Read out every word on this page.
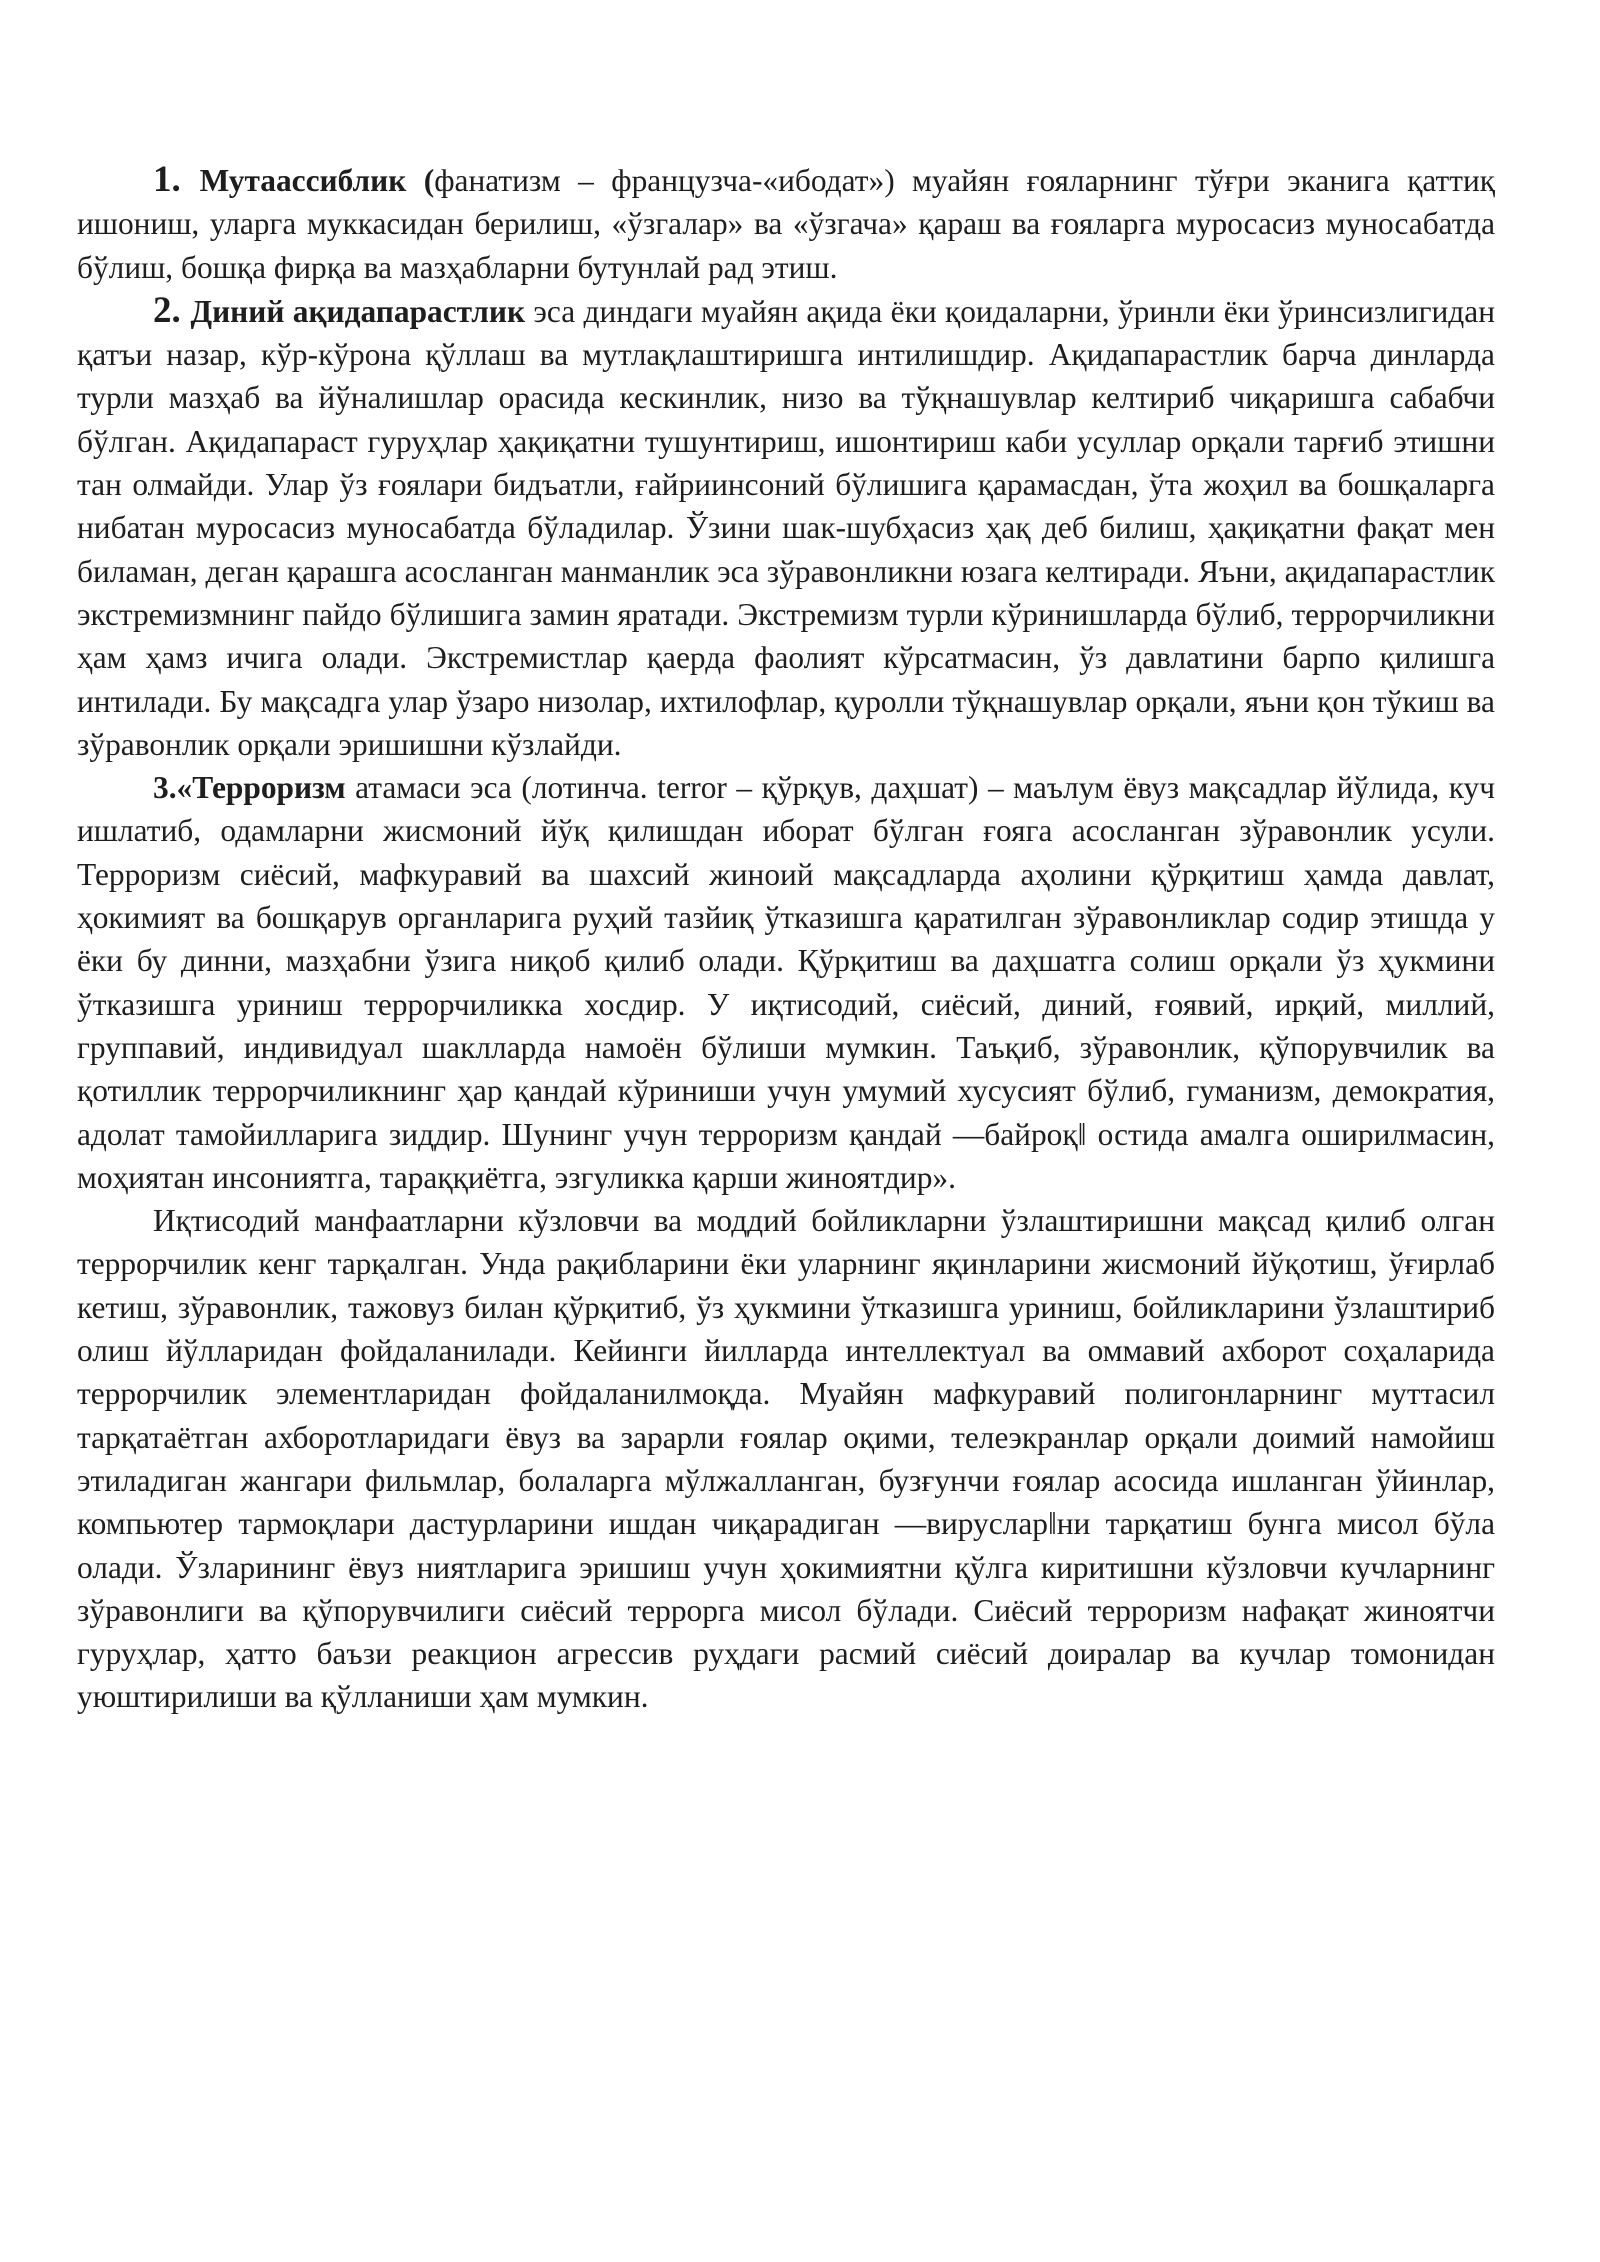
1. Мутаассиблик (фанатизм – французча-«ибодат») муайян ғояларнинг тўғри эканига қаттиқ ишониш, уларга муккасидан берилиш, «ўзгалар» ва «ўзгача» қараш ва ғояларга муросасиз муносабатда бўлиш, бошқа фирқа ва мазҳабларни бутунлай рад этиш.

2. Диний ақидапарастлик эса диндаги муайян ақида ёки қоидаларни, ўринли ёки ўринсизлигидан қатъи назар, кўр-кўрона қўллаш ва мутлақлаштиришга интилишдир. Ақидапарастлик барча динларда турли мазҳаб ва йўналишлар орасида кескинлик, низо ва тўқнашувлар келтириб чиқаришга сабабчи бўлган. Ақидапараст гуруҳлар ҳақиқатни тушунтириш, ишонтириш каби усуллар орқали тарғиб этишни тан олмайди. Улар ўз ғоялари бидъатли, ғайриинсоний бўлишига қарамасдан, ўта жоҳил ва бошқаларга нибатан муросасиз муносабатда бўладилар. Ўзини шак-шубҳасиз ҳақ деб билиш, ҳақиқатни фақат мен биламан, деган қарашга асосланган манманлик эса зўравонликни юзага келтиради. Яъни, ақидапарастлик экстремизмнинг пайдо бўлишига замин яратади. Экстремизм турли кўринишларда бўлиб, террорчиликни ҳам ҳамз ичига олади. Экстремистлар қаерда фаолият кўрсатмасин, ўз давлатини барпо қилишга интилади. Бу мақсадга улар ўзаро низолар, ихтилофлар, қуролли тўқнашувлар орқали, яъни қон тўкиш ва зўравонлик орқали эришишни кўзлайди.

3.«Терроризм атамаси эса (лотинча. terror – қўрқув, даҳшат) – маълум ёвуз мақсадлар йўлида, куч ишлатиб, одамларни жисмоний йўқ қилишдан иборат бўлган ғояга асосланган зўравонлик усули. Терроризм сиёсий, мафкуравий ва шахсий жиноий мақсадларда аҳолини қўрқитиш ҳамда давлат, ҳокимият ва бошқарув органларига руҳий тазйиқ ўтказишга қаратилган зўравонликлар содир этишда у ёки бу динни, мазҳабни ўзига ниқоб қилиб олади. Қўрқитиш ва даҳшатга солиш орқали ўз ҳукмини ўтказишга уриниш террорчиликка хосдир. У иқтисодий, сиёсий, диний, ғоявий, ирқий, миллий, группавий, индивидуал шаклларда намоён бўлиши мумкин. Таъқиб, зўравонлик, қўпорувчилик ва қотиллик террорчиликнинг ҳар қандай кўриниши учун умумий хусусият бўлиб, гуманизм, демократия, адолат тамойилларига зиддир. Шунинг учун терроризм қандай ―байроқ‖ остида амалга оширилмасин, моҳиятан инсониятга, тараққиётга, эзгуликка қарши жиноятдир».

Иқтисодий манфаатларни кўзловчи ва моддий бойликларни ўзлаштиришни мақсад қилиб олган террорчилик кенг тарқалган. Унда рақибларини ёки уларнинг яқинларини жисмоний йўқотиш, ўғирлаб кетиш, зўравонлик, тажовуз билан қўрқитиб, ўз ҳукмини ўтказишга уриниш, бойликларини ўзлаштириб олиш йўлларидан фойдаланилади. Кейинги йилларда интеллектуал ва оммавий ахборот соҳаларида террорчилик элементларидан фойдаланилмоқда. Муайян мафкуравий полигонларнинг муттасил тарқатаётган ахборотларидаги ёвуз ва зарарли ғоялар оқими, телеэкранлар орқали доимий намойиш этиладиган жангари фильмлар, болаларга мўлжалланган, бузғунчи ғоялар асосида ишланган ўйинлар, компьютер тармоқлари дастурларини ишдан чиқарадиган ―вируслар‖ни тарқатиш бунга мисол бўла олади. Ўзларининг ёвуз ниятларига эришиш учун ҳокимиятни қўлга киритишни кўзловчи кучларнинг зўравонлиги ва қўпорувчилиги сиёсий террорга мисол бўлади. Сиёсий терроризм нафақат жиноятчи гуруҳлар, ҳатто баъзи реакцион агрессив руҳдаги расмий сиёсий доиралар ва кучлар томонидан уюштирилиши ва қўлланиши ҳам мумкин.
